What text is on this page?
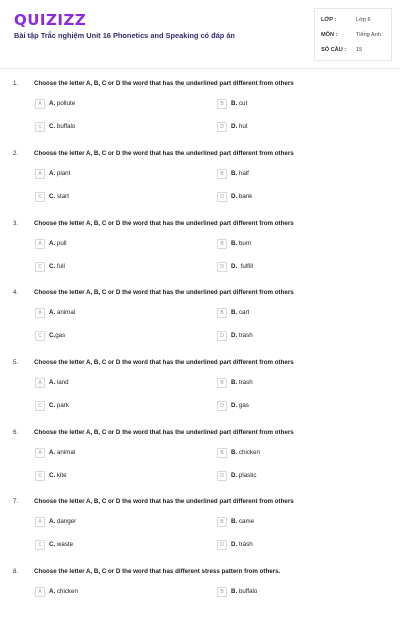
QUIZIZZ
Bài tập Trắc nghiệm Unit 16 Phonetics and Speaking có đáp án
LỚP :	Lớp 6
MÔN :	Tiếng Anh
SỐ CÂU : 15
1.	Choose the letter A, B, C or D the word that has the underlined part different from others
A	A. pollute	B	B. cut
C	C. buffalo	D	D. hut
2.	Choose the letter A, B, C or D the word that has the underlined part different from others
A	A. plant	B	B. half
C	C. start	D	D. bank
3.	Choose the letter A, B, C or D the word that has the underlined part different from others
A	A. pull	B	B. burn
C	C. full	D	D.  fulfill
4.	Choose the letter A, B, C or D the word that has the underlined part different from others
A	A. animal	B	B. cart
C	C.gas	D	D. trash
5.	Choose the letter A, B, C or D the word that has the underlined part different from others
A	A. land	B	B. trash
C	C. park	D	D. gas
6.	Choose the letter A, B, C or D the word that has the underlined part different from others
A	A. animal	B	B. chicken
C	C. kite	D	D. plastic
7.	Choose the letter A, B, C or D the word that has the underlined part different from others
A	A. danger	B	B. came
C	C. waste	D	D. trash
8.	Choose the letter A, B, C or D the word that has different stress pattern from others.
A	A. chicken	B	B. buffalo
